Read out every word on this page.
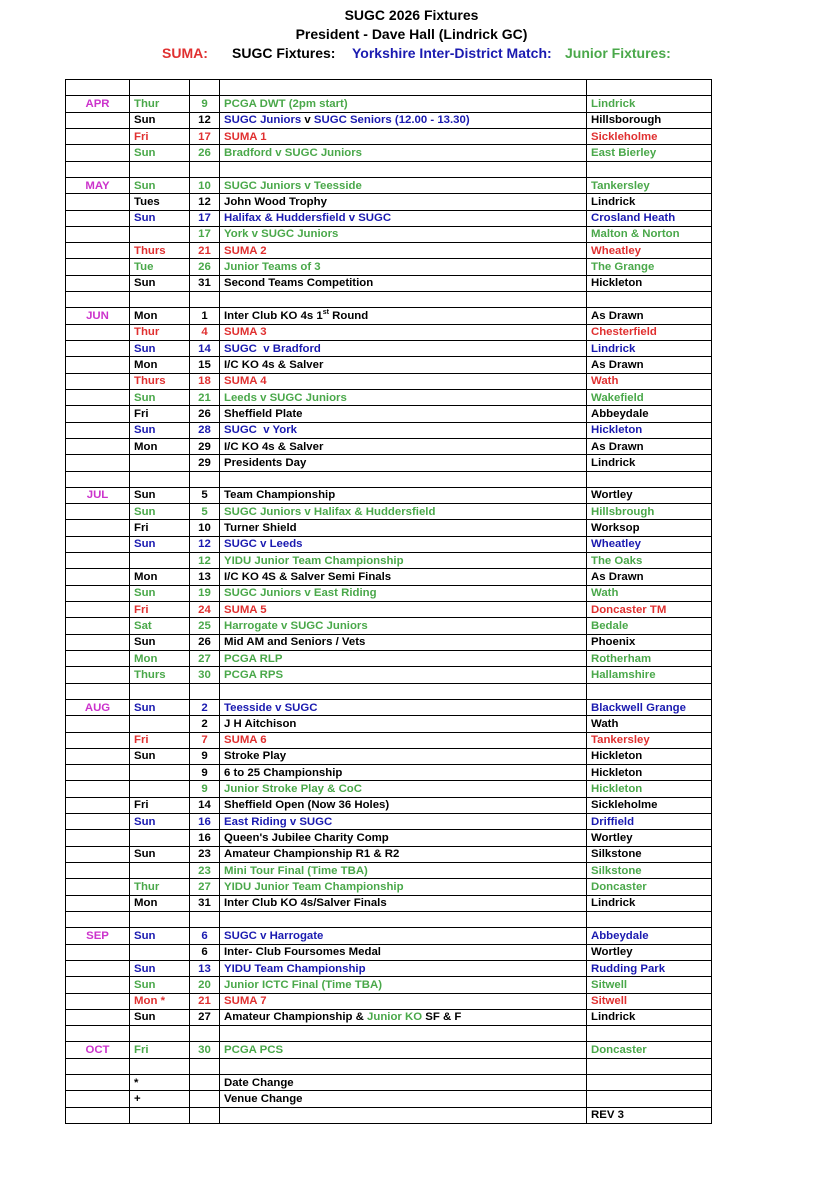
SUGC 2026 Fixtures
President - Dave Hall (Lindrick GC)
SUMA: SUGC Fixtures: Yorkshire Inter-District Match: Junior Fixtures:

APR	Thur	9	PCGA DWT (2pm start)	Lindrick
	Sun	12	SUGC Juniors v SUGC Seniors (12.00 - 13.30)	Hillsborough
	Fri	17	SUMA 1	Sickleholme
	Sun	26	Bradford v SUGC Juniors	East Bierley

MAY	Sun	10	SUGC Juniors v Teesside	Tankersley
	Tues	12	John Wood Trophy	Lindrick
	Sun	17	Halifax & Huddersfield v SUGC	Crosland Heath
		17	York v SUGC Juniors	Malton & Norton
	Thurs	21	SUMA 2	Wheatley
	Tue	26	Junior Teams of 3	The Grange
	Sun	31	Second Teams Competition	Hickleton

JUN	Mon	1	Inter Club KO 4s 1st Round	As Drawn
	Thur	4	SUMA 3	Chesterfield
	Sun	14	SUGC  v Bradford	Lindrick
	Mon	15	I/C KO 4s & Salver	As Drawn
	Thurs	18	SUMA 4	Wath
	Sun	21	Leeds v SUGC Juniors	Wakefield
	Fri	26	Sheffield Plate	Abbeydale
	Sun	28	SUGC  v York	Hickleton
	Mon	29	I/C KO 4s & Salver	As Drawn
		29	Presidents Day	Lindrick

JUL	Sun	5	Team Championship	Wortley
	Sun	5	SUGC Juniors v Halifax & Huddersfield	Hillsbrough
	Fri	10	Turner Shield	Worksop
	Sun	12	SUGC v Leeds	Wheatley
		12	YIDU Junior Team Championship	The Oaks
	Mon	13	I/C KO 4S & Salver Semi Finals	As Drawn
	Sun	19	SUGC Juniors v East Riding	Wath
	Fri	24	SUMA 5	Doncaster TM
	Sat	25	Harrogate v SUGC Juniors	Bedale
	Sun	26	Mid AM and Seniors / Vets	Phoenix
	Mon	27	PCGA RLP	Rotherham
	Thurs	30	PCGA RPS	Hallamshire

AUG	Sun	2	Teesside v SUGC	Blackwell Grange
		2	J H Aitchison	Wath
	Fri	7	SUMA 6	Tankersley
	Sun	9	Stroke Play	Hickleton
		9	6 to 25 Championship	Hickleton
		9	Junior Stroke Play & CoC	Hickleton
	Fri	14	Sheffield Open (Now 36 Holes)	Sickleholme
	Sun	16	East Riding v SUGC	Driffield
		16	Queen's Jubilee Charity Comp	Wortley
	Sun	23	Amateur Championship R1 & R2	Silkstone
		23	Mini Tour Final (Time TBA)	Silkstone
	Thur	27	YIDU Junior Team Championship	Doncaster
	Mon	31	Inter Club KO 4s/Salver Finals	Lindrick

SEP	Sun	6	SUGC v Harrogate	Abbeydale
		6	Inter- Club Foursomes Medal	Wortley
	Sun	13	YIDU Team Championship	Rudding Park
	Sun	20	Junior ICTC Final (Time TBA)	Sitwell
	Mon *	21	SUMA 7	Sitwell
	Sun	27	Amateur Championship & Junior KO SF & F	Lindrick

OCT	Fri	30	PCGA PCS	Doncaster

	*		Date Change	
	+		Venue Change	
				REV 3
